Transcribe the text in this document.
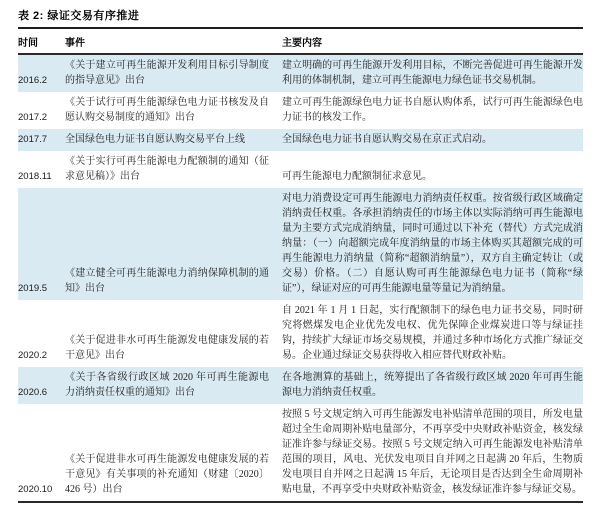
表 2: 绿证交易有序推进
时间	事件	主要内容
2016.2	《关于建立可再生能源开发利用目标引导制度的指导意见》出台	建立明确的可再生能源开发利用目标，不断完善促进可再生能源开发利用的体制机制，建立可再生能源电力绿色证书交易机制。
2017.2	《关于试行可再生能源绿色电力证书核发及自愿认购交易制度的通知》出台	建立可再生能源绿色电力证书自愿认购体系，试行可再生能源绿色电力证书的核发工作。
2017.7	全国绿色电力证书自愿认购交易平台上线	全国绿色电力证书自愿认购交易在京正式启动。
2018.11	《关于实行可再生能源电力配额制的通知（征求意见稿）》出台	可再生能源电力配额制征求意见。
2019.5	《建立健全可再生能源电力消纳保障机制的通知》出台	对电力消费设定可再生能源电力消纳责任权重。按省级行政区域确定消纳责任权重。各承担消纳责任的市场主体以实际消纳可再生能源电量为主要方式完成消纳量，同时可通过以下补充（替代）方式完成消纳量：（一）向超额完成年度消纳量的市场主体购买其超额完成的可再生能源电力消纳量（简称“超额消纳量”），双方自主确定转让（或交易）价格。（二）自愿认购可再生能源绿色电力证书（简称“绿证”），绿证对应的可再生能源电量等量记为消纳量。
2020.2	《关于促进非水可再生能源发电健康发展的若干意见》出台	自 2021 年 1 月 1 日起，实行配额制下的绿色电力证书交易，同时研究将燃煤发电企业优先发电权、优先保障企业煤炭进口等与绿证挂钩，持续扩大绿证市场交易规模，并通过多种市场化方式推广绿证交易。企业通过绿证交易获得收入相应替代财政补贴。
2020.6	《关于各省级行政区域 2020 年可再生能源电力消纳责任权重的通知》出台	在各地测算的基础上，统筹提出了各省级行政区域 2020 年可再生能源电力消纳责任权重。
2020.10	《关于促进非水可再生能源发电健康发展的若干意见》有关事项的补充通知（财建〔2020〕426 号）出台	按照 5 号文规定纳入可再生能源发电补贴清单范围的项目，所发电量超过全生命周期补贴电量部分，不再享受中央财政补贴资金，核发绿证准许参与绿证交易。按照 5 号文规定纳入可再生能源发电补贴清单范围的项目，风电、光伏发电项目自并网之日起满 20 年后，生物质发电项目自并网之日起满 15 年后，无论项目是否达到全生命周期补贴电量，不再享受中央财政补贴资金，核发绿证准许参与绿证交易。
